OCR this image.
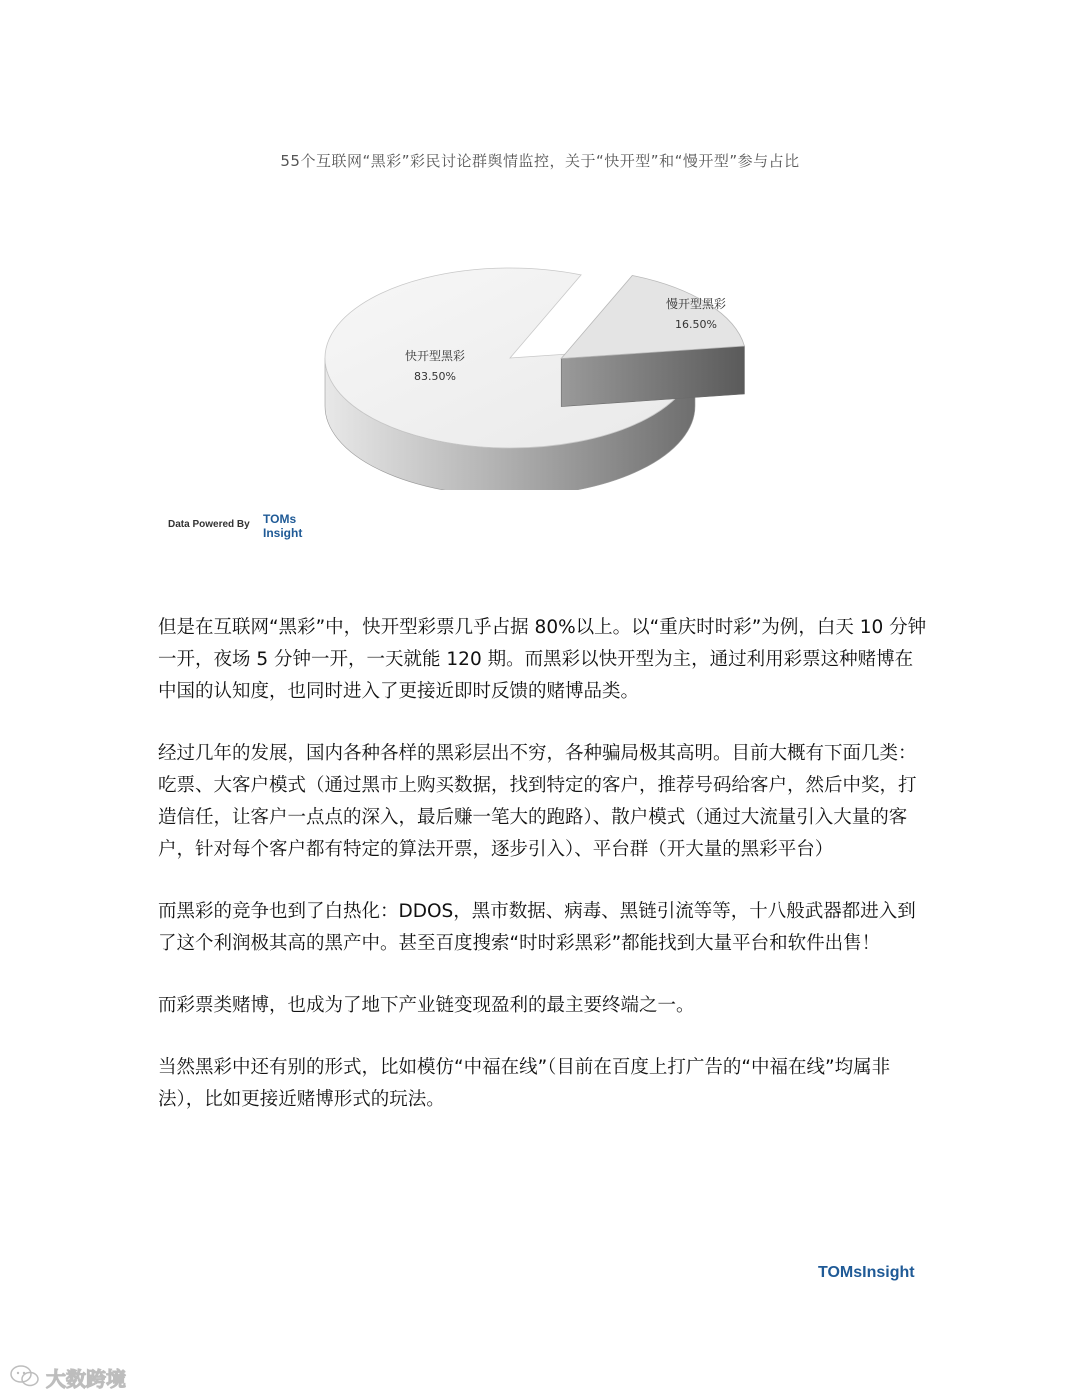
55个互联网“黑彩”彩民讨论群舆情监控，关于“快开型”和“慢开型”参与占比
快开型黑彩
83.50%
慢开型黑彩
16.50%
Data Powered By TOMs
Insight

但是在互联网“黑彩”中，快开型彩票几乎占据 80%以上。以“重庆时时彩”为例，白天 10 分钟一开，夜场 5 分钟一开，一天就能 120 期。而黑彩以快开型为主，通过利用彩票这种赌博在中国的认知度，也同时进入了更接近即时反馈的赌博品类。

经过几年的发展，国内各种各样的黑彩层出不穷，各种骗局极其高明。目前大概有下面几类：吃票、大客户模式（通过黑市上购买数据，找到特定的客户，推荐号码给客户，然后中奖，打造信任，让客户一点点的深入，最后赚一笔大的跑路）、散户模式（通过大流量引入大量的客户，针对每个客户都有特定的算法开票，逐步引入）、平台群（开大量的黑彩平台）

而黑彩的竞争也到了白热化：DDOS，黑市数据、病毒、黑链引流等等，十八般武器都进入到了这个利润极其高的黑产中。甚至百度搜索“时时彩黑彩”都能找到大量平台和软件出售！

而彩票类赌博，也成为了地下产业链变现盈利的最主要终端之一。

当然黑彩中还有别的形式，比如模仿“中福在线”（目前在百度上打广告的“中福在线”均属非法），比如更接近赌博形式的玩法。

TOMsInsight
大数跨境
